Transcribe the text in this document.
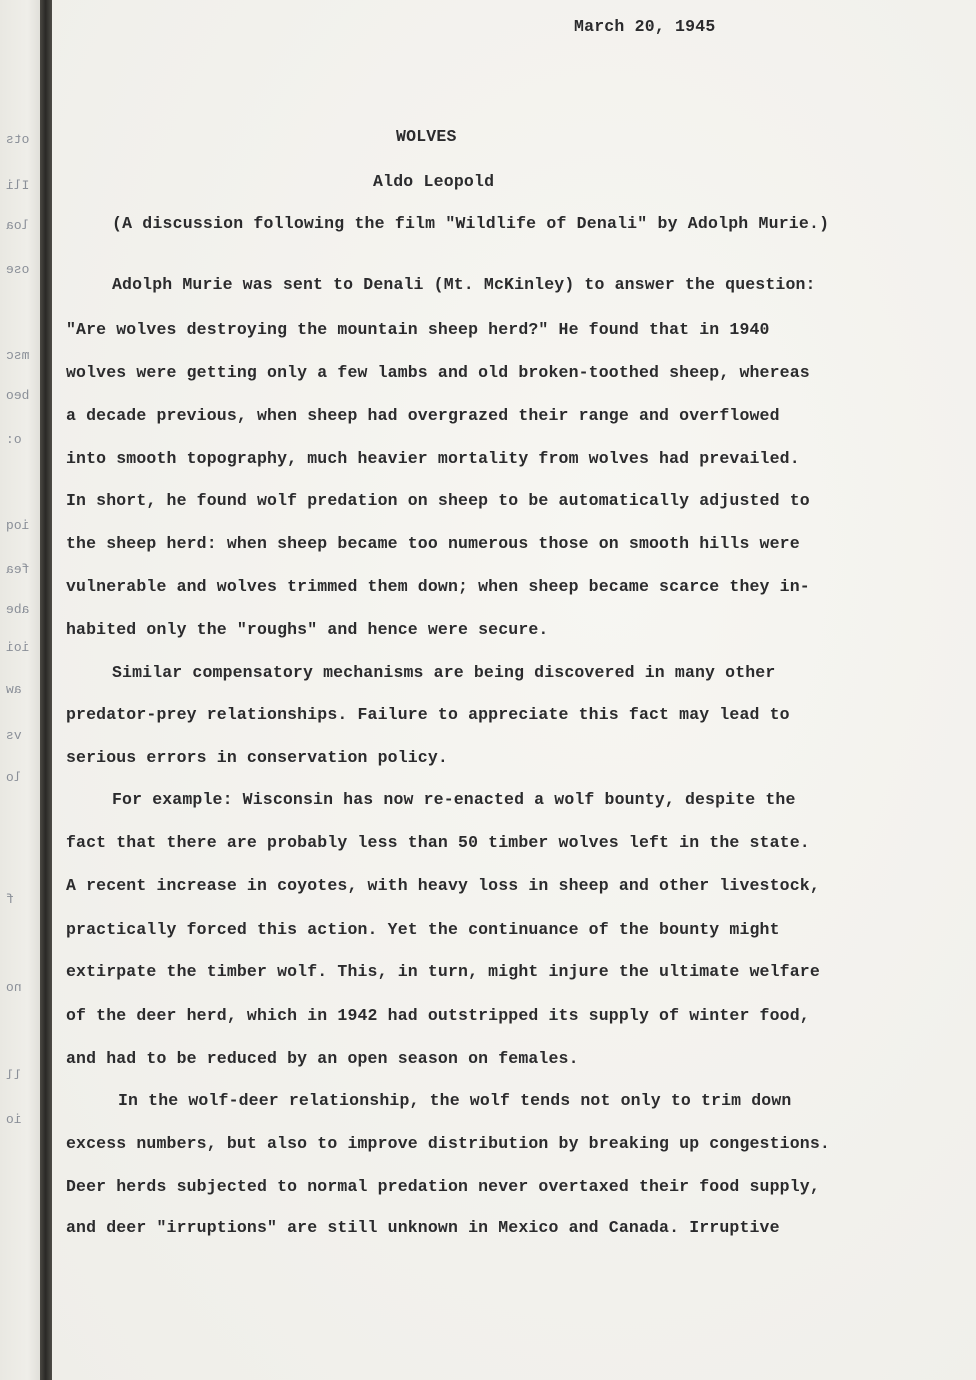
ots
Ili
loa
ose
msc
beo
o:
ioq
fea
abe
ioi
aw
vs
lo
f
no
ll
io
March 20, 1945
WOLVES
Aldo Leopold
(A discussion following the film "Wildlife of Denali" by Adolph Murie.)
Adolph Murie was sent to Denali (Mt. McKinley) to answer the question:
"Are wolves destroying the mountain sheep herd?" He found that in 1940
wolves were getting only a few lambs and old broken-toothed sheep, whereas
a decade previous, when sheep had overgrazed their range and overflowed
into smooth topography, much heavier mortality from wolves had prevailed.
In short, he found wolf predation on sheep to be automatically adjusted to
the sheep herd: when sheep became too numerous those on smooth hills were
vulnerable and wolves trimmed them down; when sheep became scarce they in-
habited only the "roughs" and hence were secure.
Similar compensatory mechanisms are being discovered in many other
predator-prey relationships. Failure to appreciate this fact may lead to
serious errors in conservation policy.
For example: Wisconsin has now re-enacted a wolf bounty, despite the
fact that there are probably less than 50 timber wolves left in the state.
A recent increase in coyotes, with heavy loss in sheep and other livestock,
practically forced this action. Yet the continuance of the bounty might
extirpate the timber wolf. This, in turn, might injure the ultimate welfare
of the deer herd, which in 1942 had outstripped its supply of winter food,
and had to be reduced by an open season on females.
In the wolf-deer relationship, the wolf tends not only to trim down
excess numbers, but also to improve distribution by breaking up congestions.
Deer herds subjected to normal predation never overtaxed their food supply,
and deer "irruptions" are still unknown in Mexico and Canada. Irruptive
